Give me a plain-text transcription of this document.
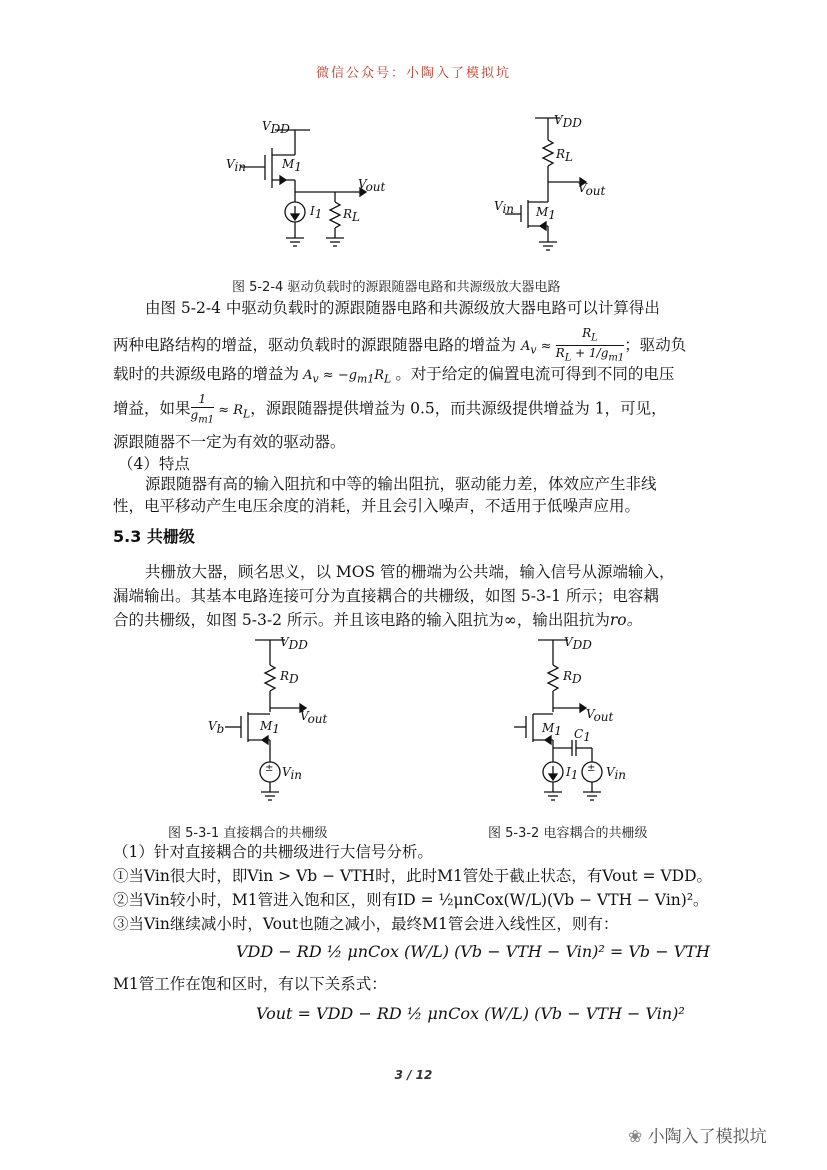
微信公众号：小陶入了模拟坑
VDD
Vin	M1
I1 RL
Vout
VDD
RL
Vout
Vin M1
图 5-2-4 驱动负载时的源跟随器电路和共源级放大器电路
由图 5-2-4 中驱动负载时的源跟随器电路和共源级放大器电路可以计算得出
两种电路结构的增益，驱动负载时的源跟随器电路的增益为 $A_v \approx \frac{R_L}{R_L + 1/g_{m1}}$ ；驱动负
载时的共源级电路的增益为 $A_v \approx -g_{m1}R_L$ 。对于给定的偏置电流可得到不同的电压
增益，如果 $\frac{1}{g_{m1}} \approx R_L$，源跟随器提供增益为 0.5，而共源级提供增益为 1，可见，
源跟随器不一定为有效的驱动器。
（4）特点
源跟随器有高的输入阻抗和中等的输出阻抗，驱动能力差，体效应产生非线
性，电平移动产生电压余度的消耗，并且会引入噪声，不适用于低噪声应用。
5.3 共栅级
共栅放大器，顾名思义，以 MOS 管的栅端为公共端，输入信号从源端输入，
漏端输出。其基本电路连接可分为直接耦合的共栅级，如图 5-3-1 所示；电容耦
合的共栅级，如图 5-3-2 所示。并且该电路的输入阻抗为∞，输出阻抗为ro。
±
VDD
RD
Vout
Vb	M1
Vin	±
VDD
RD
Vout
M1 C1
I1 Vin
图 5-3-1 直接耦合的共栅级	图 5-3-2 电容耦合的共栅级
（1）针对直接耦合的共栅级进行大信号分析。
①当Vin很大时，即Vin > Vb − VTH时，此时M1管处于截止状态，有Vout = VDD。
②当Vin较小时，M1管进入饱和区，则有ID = ½μnCox(W/L)(Vb − VTH − Vin)²。
③当Vin继续减小时，Vout也随之减小，最终M1管会进入线性区，则有：
VDD − RD ½ μnCox (W/L) (Vb − VTH − Vin)² = Vb − VTH
M1管工作在饱和区时，有以下关系式：
Vout = VDD − RD ½ μnCox (W/L) (Vb − VTH − Vin)²
3 / 12
❀ 小陶入了模拟坑
